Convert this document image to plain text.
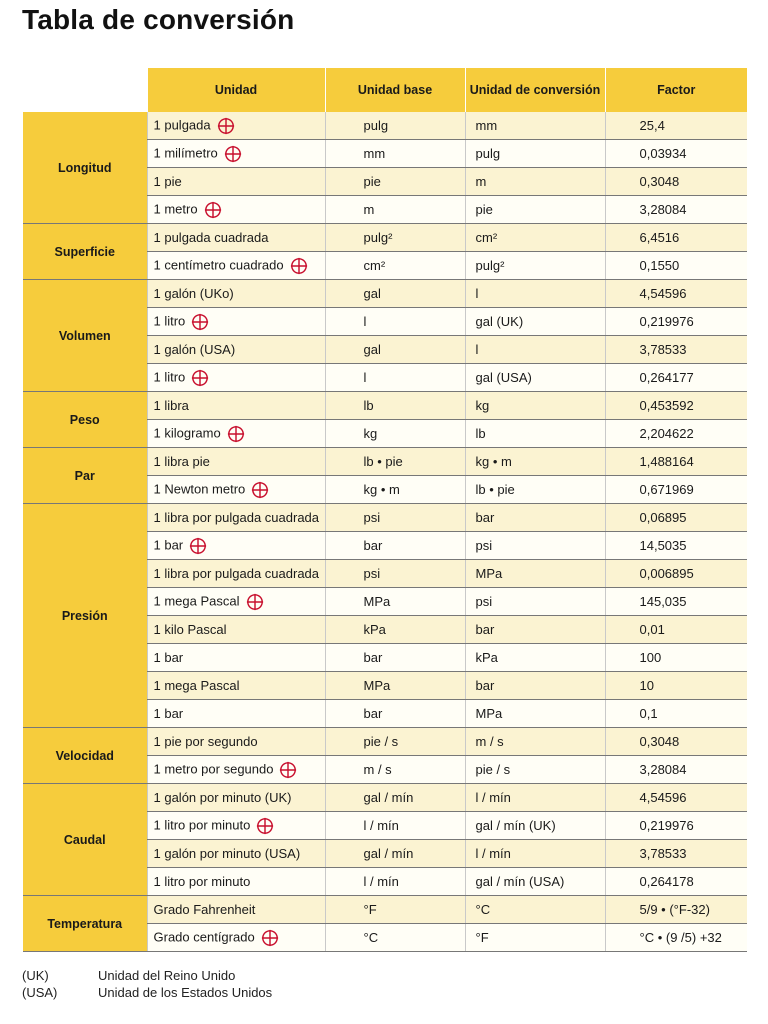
Tabla de conversión
	Unidad	Unidad base	Unidad de conversión	Factor
Longitud	1 pulgada	pulg	mm	25,4
	1 milímetro	mm	pulg	0,03934
	1 pie	pie	m	0,3048
	1 metro	m	pie	3,28084
Superficie	1 pulgada cuadrada	pulg²	cm²	6,4516
	1 centímetro cuadrado	cm²	pulg²	0,1550
Volumen	1 galón (UKo)	gal	l	4,54596
	1 litro	l	gal (UK)	0,219976
	1 galón (USA)	gal	l	3,78533
	1 litro	l	gal (USA)	0,264177
Peso	1 libra	lb	kg	0,453592
	1 kilogramo	kg	lb	2,204622
Par	1 libra pie	lb • pie	kg • m	1,488164
	1 Newton metro	kg • m	lb • pie	0,671969
Presión	1 libra por pulgada cuadrada	psi	bar	0,06895
	1 bar	bar	psi	14,5035
	1 libra por pulgada cuadrada	psi	MPa	0,006895
	1 mega Pascal	MPa	psi	145,035
	1 kilo Pascal	kPa	bar	0,01
	1 bar	bar	kPa	100
	1 mega Pascal	MPa	bar	10
	1 bar	bar	MPa	0,1
Velocidad	1 pie por segundo	pie / s	m / s	0,3048
	1 metro por segundo	m / s	pie / s	3,28084
Caudal	1 galón por minuto (UK)	gal / mín	l / mín	4,54596
	1 litro por minuto	l / mín	gal / mín (UK)	0,219976
	1 galón por minuto (USA)	gal / mín	l / mín	3,78533
	1 litro por minuto	l / mín	gal / mín (USA)	0,264178
Temperatura	Grado Fahrenheit	°F	°C	5/9 • (°F-32)
	Grado centígrado	°C	°F	°C • (9 /5) +32
(UK)	Unidad del Reino Unido
(USA)	Unidad de los Estados Unidos
